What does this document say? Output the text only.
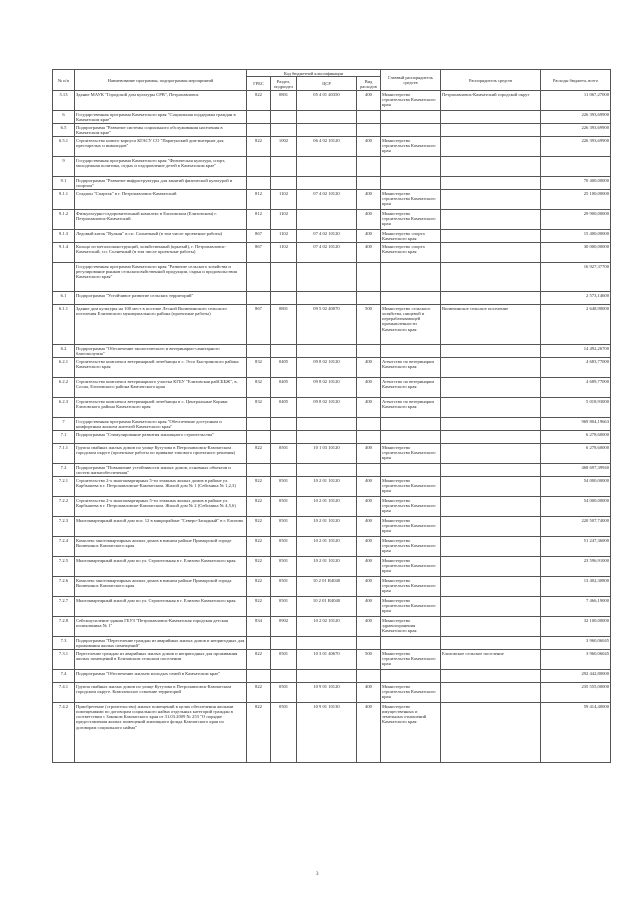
№ п/п	Наименование программы, подпрограммы мероприятий	Код бюджетной классификации				Главный распорядитель средств	Распорядитель средств	Расходы бюджета, всего
		ГРБС	Раздел, подраздел	ЦСР	Вид расходов			
5.13	Здание МАУК "Городской дом культуры СРВ", Петропавловск	822	0801	05 4 01 40350	400	Министерство строительства Камчатского края	Петропавловск-Камчатский городской округ	11 067,27000
6	Государственная программа Камчатского края "Социальная поддержка граждан в Камчатском крае"							226 393,69900
6.5	Подпрограмма "Развитие системы социального обслуживания населения в Камчатском крае"							226 393,69900
6.5.1	Строительство нового корпуса КГАСУ СО "Паратунский дом-интернат для престарелых и инвалидов"	822	1002	06 4 02 10120	400	Министерство строительства Камчатского края		226 393,69900
9	Государственная программа Камчатского края "Физическая культура, спорт, молодежная политика, отдых и оздоровление детей в Камчатском крае"							
9.1	Подпрограмма "Развитие инфраструктуры для занятий физической культурой и спортом"							70 400,00000
9.1.1	Стадион "Спартак" в г. Петропавловск-Камчатский	812	1102	07 4 02 10120	400	Министерство строительства Камчатского края		25 100,00000
9.1.2	Физкультурно-оздоровительный комплекс в Елизовском (Елизовском) г. Петропавловск-Камчатский	812	1102		400	Министерство строительства Камчатского края		29 900,00000
9.1.3	Ледовый каток "Вулкан" в г.п. Солнечный (в том числе проектные работы)	867	1102	07 4 02 10120	400	Министерство спорта Камчатского края		15 400,00000
9.1.4	Кольцо из металлоконструкций, хозяйственный (крытый), г. Петропавловск-Камчатский, г.п. Солнечный (в том числе проектные работы)	867	1102	07 4 02 10120	400	Министерство спорта Камчатского края		30 000,00000
	Государственная программа Камчатского края "Развитие сельского хозяйства и регулирование рынков сельскохозяйственной продукции, сырья и продовольствия Камчатского края"							16 927,37700
6.1	Подпрограмма "Устойчивое развитие сельских территорий"							2 573,14600
6.1.1	Здание дом культуры на 100 мест в поселке Лесной Вилючинского сельского поселения Елизовского муниципального района (проектные работы)	867	0801	09 5 02 40070	500	Министерство сельского хозяйства, пищевой и перерабатывающей промышленности Камчатского края	Вилючинское сельское поселение	2 648,90000
6.2	Подпрограмма "Обеспечение экологического и ветеринарно-санитарного благополучия"							14 492,26700
6.2.1	Строительство комплекса ветеринарной лечебницы в с. Эссо Быстринского района Камчатского края	832	0405	09 8 02 10120	400	Агентство по ветеринарии Камчатского края		4 683,77000
6.2.2	Строительство комплекса ветеринарного участка КГБУ "Елизовская райСББЖ", в. Сосна, Елизовского района Камчатского края	832	0405	09 8 02 10120	400	Агентство по ветеринарии Камчатского края		4 689,77000
6.2.3	Строительство комплекса ветеринарной лечебницы в с. Центральные Коряки Елизовского района Камчатского края	832	0405	09 8 02 10120	400	Агентство по ветеринарии Камчатского края		5 018,93000
7	Государственная программа Камчатского края "Обеспечение доступным и комфортным жильем жителей Камчатского края"							969 804,19663
7.1	Подпрограмма "Стимулирование развития жилищного строительства"							6 278,60000
7.1.1	Группа свайных жилых домов по улице Кутузова в Петропавловск-Камчатском городском округе (проектные работы по привязке типового проектного решения)	822	0501	10 1 03 10120	400	Министерство строительства Камчатского края		6 278,60000
7.2	Подпрограмма "Повышение устойчивости жилых домов, основных объектов и систем жизнеобеспечения"							468 697,39940
7.2.1	Строительство 2-х многоквартирных 5-ти этажных жилых домов в районе ул. Карбышева в г. Петропавловске-Камчатском. Жилой дом № 1 (Сейсмика № 1,2,3)	822	0501	10 2 01 10120	400	Министерство строительства Камчатского края		54 000,00000
7.2.2	Строительство 2-х многоквартирных 5-ти этажных жилых домов в районе ул. Карбышева в г. Петропавловске-Камчатском. Жилой дом № 2 (Сейсмика № 4,5,6)	822	0501	10 2 01 10120	400	Министерство строительства Камчатского края		54 000,00000
7.2.3	Многоквартирный жилой дом поз. 12 в микрорайоне "Северо-Западный" в г. Елизово	822	0501	10 2 01 10120	400	Министерство строительства Камчатского края		220 507,74000
7.2.4	Комплекс многоквартирных жилых домов в южном районе Приморской городе Вилючинск Камчатского края	822	0501	10 2 01 10120	400	Министерство строительства Камчатского края		51 247,36000
7.2.5	Многоквартирный жилой дом по ул. Строительная в г. Елизово Камчатского края	822	0501	10 2 01 10120	400	Министерство строительства Камчатского края		23 596,91000
7.2.6	Комплекс многоквартирных жилых домов в южном районе Приморской города Вилючинск Камчатского края	822	0501	10 2 01 R4040	400	Министерство строительства Камчатского края		13 402,30800
7.2.7	Многоквартирный жилой дом по ул. Строительная в г. Елизово Камчатского края	822	0501	10 2 01 R4040	400	Министерство строительства Камчатского края		7 466,19000
7.2.8	Сейсмоусиление здания ГБУЗ "Петропавловск-Камчатская городская детская поликлиника № 1"	834	0902	10 2 02 10120	400	Министерство здравоохранения Камчатского края		32 100,00000
7.3	Подпрограмма "Переселение граждан из аварийных жилых домов и непригодных для проживания жилых помещений"							3 960,06045
7.3.1	Переселение граждан из аварийных жилых домов и непригодных для проживания жилых помещений в Елизовском сельском поселении	822	0501	10 3 01 40670	500	Министерство строительства Камчатского края	Елизовское сельское поселение	3 960,06045
7.4	Подпрограмма "Обеспечение жильем молодых семей в Камчатском крае"							292 442,80000
7.4.1	Группа свайных жилых домов по улице Кутузова в Петропавловск-Камчатском городском округе. Комплексное освоение территорий	822	0501	10 9 01 10120	400	Министерство строительства Камчатского края		235 555,00000
7.4.2	Приобретение (строительство) жилых помещений в целях обеспечения жилыми помещениями по договорам социального найма отдельных категорий граждан в соответствии с Законом Камчатского края от 31.03.2009 № 253 "О порядке предоставления жилых помещений жилищного фонда Камчатского края по договорам социального найма"	822	0501	10 9 01 10130	400	Министерство имущественных и земельных отношений Камчатского края		59 414,40000
3
